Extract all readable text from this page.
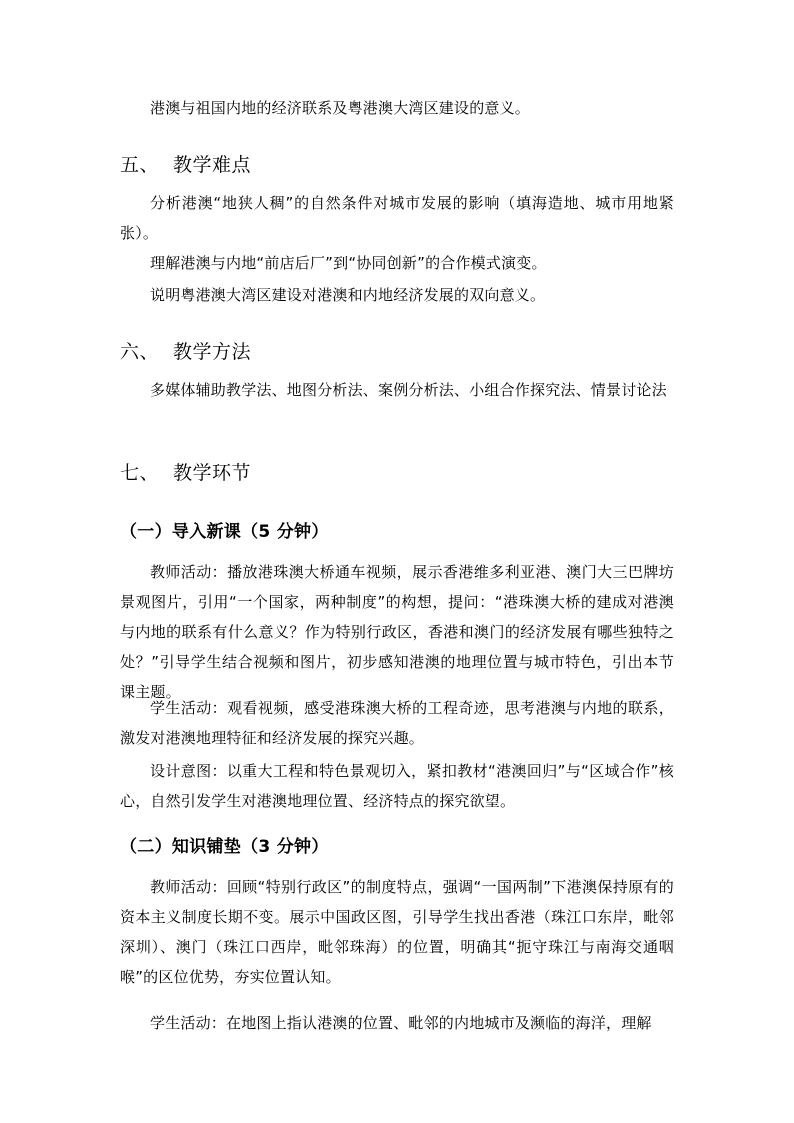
港澳与祖国内地的经济联系及粤港澳大湾区建设的意义。

五、 教学难点

分析港澳“地狭人稠”的自然条件对城市发展的影响（填海造地、城市用地紧张）。

理解港澳与内地“前店后厂”到“协同创新”的合作模式演变。

说明粤港澳大湾区建设对港澳和内地经济发展的双向意义。

六、 教学方法

多媒体辅助教学法、地图分析法、案例分析法、小组合作探究法、情景讨论法

七、 教学环节
（一）导入新课（5 分钟）

教师活动：播放港珠澳大桥通车视频，展示香港维多利亚港、澳门大三巴牌坊景观图片，引用“一个国家，两种制度”的构想，提问：“港珠澳大桥的建成对港澳与内地的联系有什么意义？作为特别行政区，香港和澳门的经济发展有哪些独特之处？”引导学生结合视频和图片，初步感知港澳的地理位置与城市特色，引出本节课主题。

学生活动：观看视频，感受港珠澳大桥的工程奇迹，思考港澳与内地的联系，激发对港澳地理特征和经济发展的探究兴趣。

设计意图：以重大工程和特色景观切入，紧扣教材“港澳回归”与“区域合作”核心，自然引发学生对港澳地理位置、经济特点的探究欲望。

（二）知识铺垫（3 分钟）

教师活动：回顾“特别行政区”的制度特点，强调“一国两制”下港澳保持原有的资本主义制度长期不变。展示中国政区图，引导学生找出香港（珠江口东岸，毗邻深圳）、澳门（珠江口西岸，毗邻珠海）的位置，明确其“扼守珠江与南海交通咽喉”的区位优势，夯实位置认知。

学生活动：在地图上指认港澳的位置、毗邻的内地城市及濒临的海洋，理解
